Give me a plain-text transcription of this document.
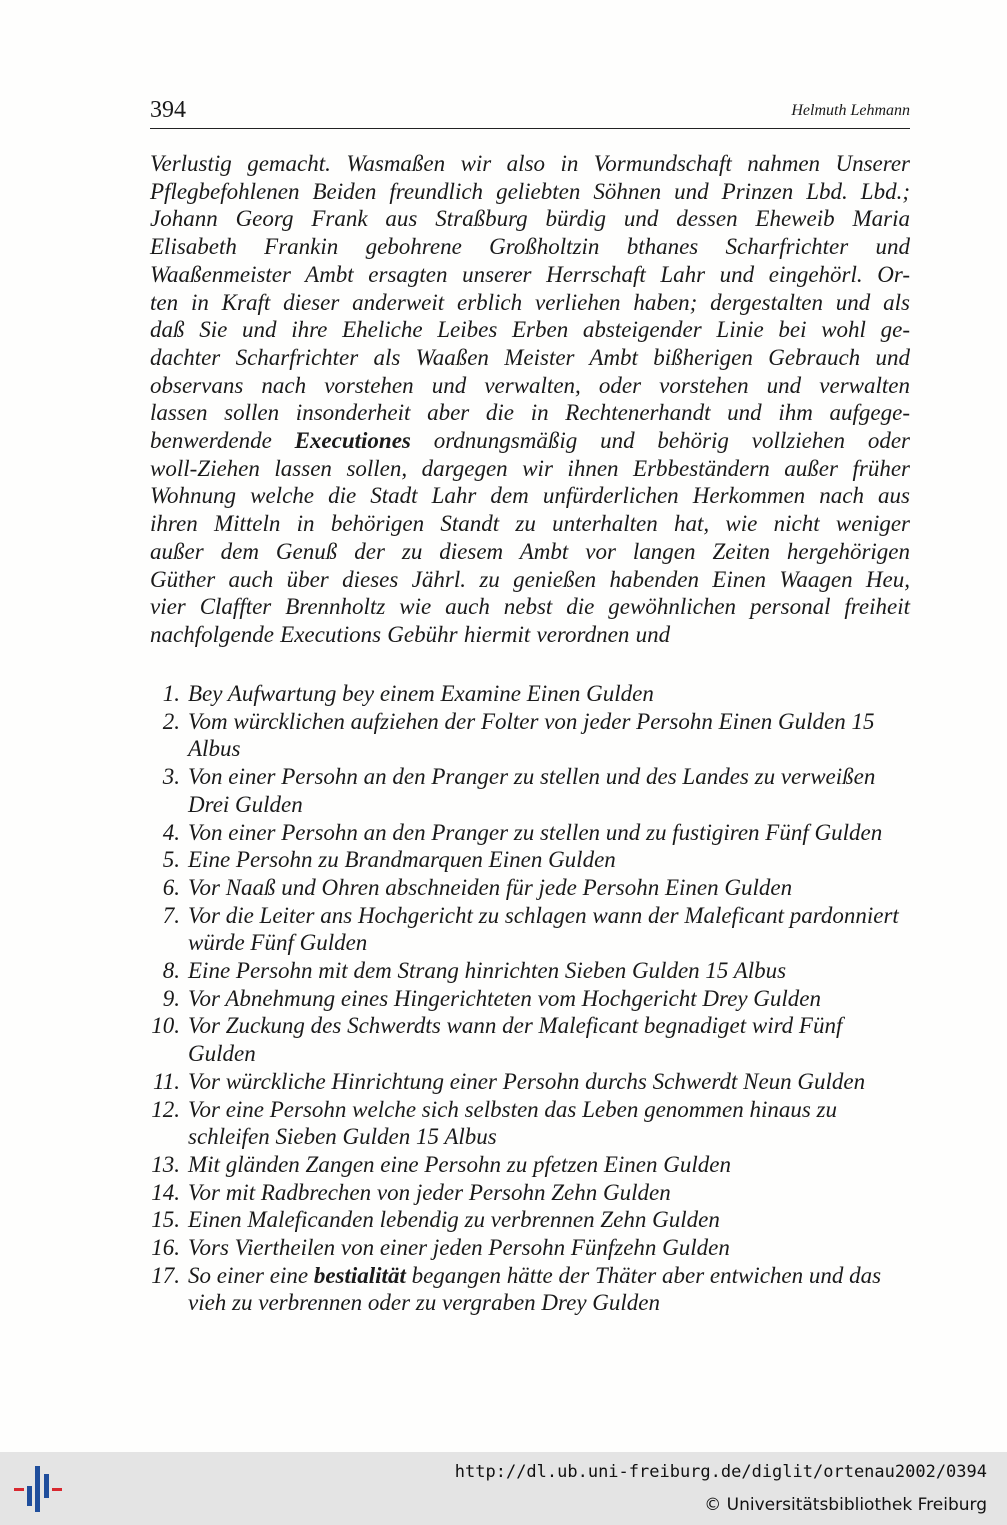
394	Helmuth Lehmann

Verlustig gemacht. Wasmaßen wir also in Vormundschaft nahmen Unserer
Pflegbefohlenen Beiden freundlich geliebten Söhnen und Prinzen Lbd. Lbd.;
Johann Georg Frank aus Straßburg bürdig und dessen Eheweib Maria
Elisabeth Frankin gebohrene Großholtzin bthanes Scharfrichter und
Waaßenmeister Ambt ersagten unserer Herrschaft Lahr und eingehörl. Or-
ten in Kraft dieser anderweit erblich verliehen haben; dergestalten und als
daß Sie und ihre Eheliche Leibes Erben absteigender Linie bei wohl ge-
dachter Scharfrichter als Waaßen Meister Ambt bißherigen Gebrauch und
observans nach vorstehen und verwalten, oder vorstehen und verwalten
lassen sollen insonderheit aber die in Rechtenerhandt und ihm aufgege-
benwerdende Executiones ordnungsmäßig und behörig vollziehen oder
woll-Ziehen lassen sollen, dargegen wir ihnen Erbbeständern außer früher
Wohnung welche die Stadt Lahr dem unfürderlichen Herkommen nach aus
ihren Mitteln in behörigen Standt zu unterhalten hat, wie nicht weniger
außer dem Genuß der zu diesem Ambt vor langen Zeiten hergehörigen
Güther auch über dieses Jährl. zu genießen habenden Einen Waagen Heu,
vier Claffter Brennholtz wie auch nebst die gewöhnlichen personal freiheit
nachfolgende Executions Gebühr hiermit verordnen und

1. Bey Aufwartung bey einem Examine Einen Gulden
2. Vom würcklichen aufziehen der Folter von jeder Persohn Einen Gulden 15 Albus
3. Von einer Persohn an den Pranger zu stellen und des Landes zu verweißen Drei Gulden
4. Von einer Persohn an den Pranger zu stellen und zu fustigiren Fünf Gulden
5. Eine Persohn zu Brandmarquen Einen Gulden
6. Vor Naaß und Ohren abschneiden für jede Persohn Einen Gulden
7. Vor die Leiter ans Hochgericht zu schlagen wann der Maleficant pardonniert würde Fünf Gulden
8. Eine Persohn mit dem Strang hinrichten Sieben Gulden 15 Albus
9. Vor Abnehmung eines Hingerichteten vom Hochgericht Drey Gulden
10. Vor Zuckung des Schwerdts wann der Maleficant begnadiget wird Fünf Gulden
11. Vor würckliche Hinrichtung einer Persohn durchs Schwerdt Neun Gulden
12. Vor eine Persohn welche sich selbsten das Leben genommen hinaus zu schleifen Sieben Gulden 15 Albus
13. Mit gländen Zangen eine Persohn zu pfetzen Einen Gulden
14. Vor mit Radbrechen von jeder Persohn Zehn Gulden
15. Einen Maleficanden lebendig zu verbrennen Zehn Gulden
16. Vors Viertheilen von einer jeden Persohn Fünfzehn Gulden
17. So einer eine bestialität begangen hätte der Thäter aber entwichen und das vieh zu verbrennen oder zu vergraben Drey Gulden
http://dl.ub.uni-freiburg.de/diglit/ortenau2002/0394
© Universitätsbibliothek Freiburg
